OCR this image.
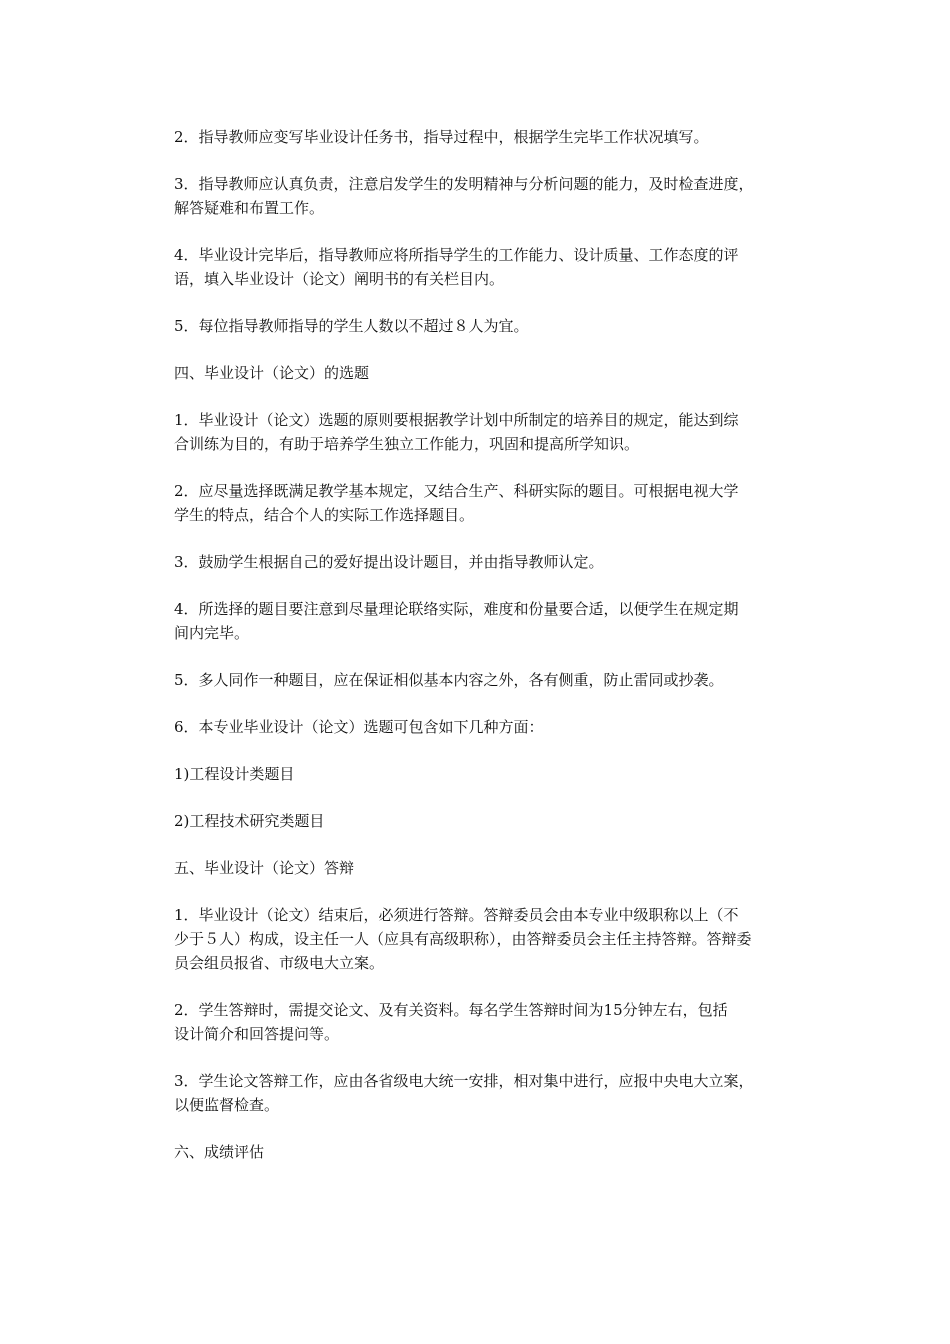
2．指导教师应变写毕业设计任务书，指导过程中，根据学生完毕工作状况填写。

3．指导教师应认真负责，注意启发学生的发明精神与分析问题的能力，及时检查进度，
解答疑难和布置工作。

4．毕业设计完毕后，指导教师应将所指导学生的工作能力、设计质量、工作态度的评
语，填入毕业设计（论文）阐明书的有关栏目内。

5．每位指导教师指导的学生人数以不超过８人为宜。

四、毕业设计（论文）的选题

1．毕业设计（论文）选题的原则要根据教学计划中所制定的培养目的规定，能达到综
合训练为目的，有助于培养学生独立工作能力，巩固和提高所学知识。

2．应尽量选择既满足教学基本规定，又结合生产、科研实际的题目。可根据电视大学
学生的特点，结合个人的实际工作选择题目。

3．鼓励学生根据自己的爱好提出设计题目，并由指导教师认定。

4．所选择的题目要注意到尽量理论联络实际，难度和份量要合适，以便学生在规定期
间内完毕。

5．多人同作一种题目，应在保证相似基本内容之外，各有侧重，防止雷同或抄袭。

6．本专业毕业设计（论文）选题可包含如下几种方面：

1)工程设计类题目

2)工程技术研究类题目

五、毕业设计（论文）答辩

1．毕业设计（论文）结束后，必须进行答辩。答辩委员会由本专业中级职称以上（不
少于５人）构成，设主任一人（应具有高级职称），由答辩委员会主任主持答辩。答辩委
员会组员报省、市级电大立案。

2．学生答辩时，需提交论文、及有关资料。每名学生答辩时间为15分钟左右，包括
设计简介和回答提问等。

3．学生论文答辩工作，应由各省级电大统一安排，相对集中进行，应报中央电大立案，
以便监督检查。

六、成绩评估
